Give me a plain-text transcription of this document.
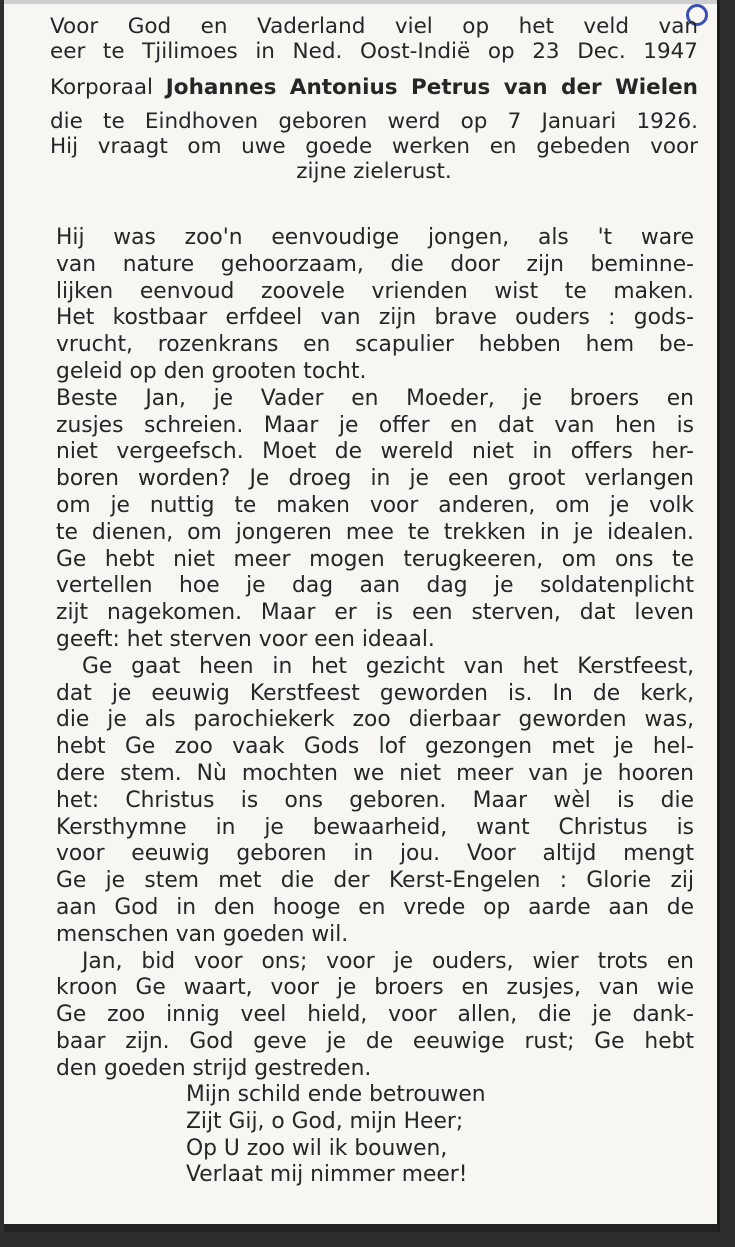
Voor God en Vaderland viel op het veld van
eer te Tjilimoes in Ned. Oost-Indië op 23 Dec. 1947
Korporaal Johannes Antonius Petrus van der Wielen
die te Eindhoven geboren werd op 7 Januari 1926.
Hij vraagt om uwe goede werken en gebeden voor
zijne zielerust.
Hij was zoo'n eenvoudige jongen, als 't ware
van nature gehoorzaam, die door zijn beminne-
lijken eenvoud zoovele vrienden wist te maken.
Het kostbaar erfdeel van zijn brave ouders : gods-
vrucht, rozenkrans en scapulier hebben hem be-
geleid op den grooten tocht.
Beste Jan, je Vader en Moeder, je broers en
zusjes schreien. Maar je offer en dat van hen is
niet vergeefsch. Moet de wereld niet in offers her-
boren worden? Je droeg in je een groot verlangen
om je nuttig te maken voor anderen, om je volk
te dienen, om jongeren mee te trekken in je idealen.
Ge hebt niet meer mogen terugkeeren, om ons te
vertellen hoe je dag aan dag je soldatenplicht
zijt nagekomen. Maar er is een sterven, dat leven
geeft: het sterven voor een ideaal.
Ge gaat heen in het gezicht van het Kerstfeest,
dat je eeuwig Kerstfeest geworden is. In de kerk,
die je als parochiekerk zoo dierbaar geworden was,
hebt Ge zoo vaak Gods lof gezongen met je hel-
dere stem. Nù mochten we niet meer van je hooren
het: Christus is ons geboren. Maar wèl is die
Kersthymne in je bewaarheid, want Christus is
voor eeuwig geboren in jou. Voor altijd mengt
Ge je stem met die der Kerst-Engelen : Glorie zij
aan God in den hooge en vrede op aarde aan de
menschen van goeden wil.
Jan, bid voor ons; voor je ouders, wier trots en
kroon Ge waart, voor je broers en zusjes, van wie
Ge zoo innig veel hield, voor allen, die je dank-
baar zijn. God geve je de eeuwige rust; Ge hebt
den goeden strijd gestreden.
Mijn schild ende betrouwen
Zijt Gij, o God, mijn Heer;
Op U zoo wil ik bouwen,
Verlaat mij nimmer meer!
